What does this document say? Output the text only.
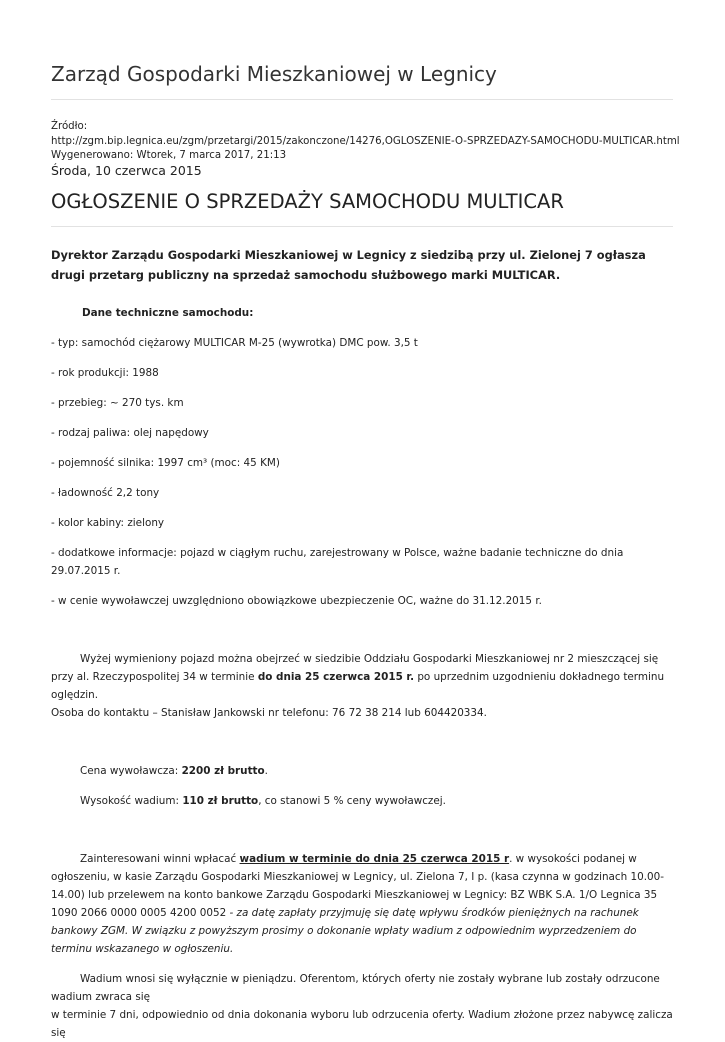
Zarząd Gospodarki Mieszkaniowej w Legnicy
Źródło:
http://zgm.bip.legnica.eu/zgm/przetargi/2015/zakonczone/14276,OGLOSZENIE-O-SPRZEDAZY-SAMOCHODU-MULTICAR.html
Wygenerowano: Wtorek, 7 marca 2017, 21:13
Środa, 10 czerwca 2015
OGŁOSZENIE O SPRZEDAŻY SAMOCHODU MULTICAR

Dyrektor Zarządu Gospodarki Mieszkaniowej w Legnicy z siedzibą przy ul. Zielonej 7 ogłasza drugi przetarg publiczny na sprzedaż samochodu służbowego marki MULTICAR.

Dane techniczne samochodu:

- typ: samochód ciężarowy MULTICAR M-25 (wywrotka) DMC pow. 3,5 t

- rok produkcji: 1988

- przebieg: ~ 270 tys. km

- rodzaj paliwa: olej napędowy

- pojemność silnika: 1997 cm³ (moc: 45 KM)

- ładowność 2,2 tony

- kolor kabiny: zielony

- dodatkowe informacje: pojazd w ciągłym ruchu, zarejestrowany w Polsce, ważne badanie techniczne do dnia 29.07.2015 r.

- w cenie wywoławczej uwzględniono obowiązkowe ubezpieczenie OC, ważne do 31.12.2015 r.

Wyżej wymieniony pojazd można obejrzeć w siedzibie Oddziału Gospodarki Mieszkaniowej nr 2 mieszczącej się przy al. Rzeczypospolitej 34 w terminie do dnia 25 czerwca 2015 r. po uprzednim uzgodnieniu dokładnego terminu oględzin.

Osoba do kontaktu – Stanisław Jankowski nr telefonu: 76 72 38 214 lub 604420334.

Cena wywoławcza: 2200 zł brutto.

Wysokość wadium: 110 zł brutto, co stanowi 5 % ceny wywoławczej.

Zainteresowani winni wpłacać wadium w terminie do dnia 25 czerwca 2015 r. w wysokości podanej w ogłoszeniu, w kasie Zarządu Gospodarki Mieszkaniowej w Legnicy, ul. Zielona 7, I p. (kasa czynna w godzinach 10.00-14.00) lub przelewem na konto bankowe Zarządu Gospodarki Mieszkaniowej w Legnicy: BZ WBK S.A. 1/O Legnica 35 1090 2066 0000 0005 4200 0052 - za datę zapłaty przyjmuję się datę wpływu środków pieniężnych na rachunek bankowy ZGM. W związku z powyższym prosimy o dokonanie wpłaty wadium z odpowiednim wyprzedzeniem do terminu wskazanego w ogłoszeniu.

Wadium wnosi się wyłącznie w pieniądzu. Oferentom, których oferty nie zostały wybrane lub zostały odrzucone wadium zwraca się

w terminie 7 dni, odpowiednio od dnia dokonania wyboru lub odrzucenia oferty. Wadium złożone przez nabywcę zalicza się
